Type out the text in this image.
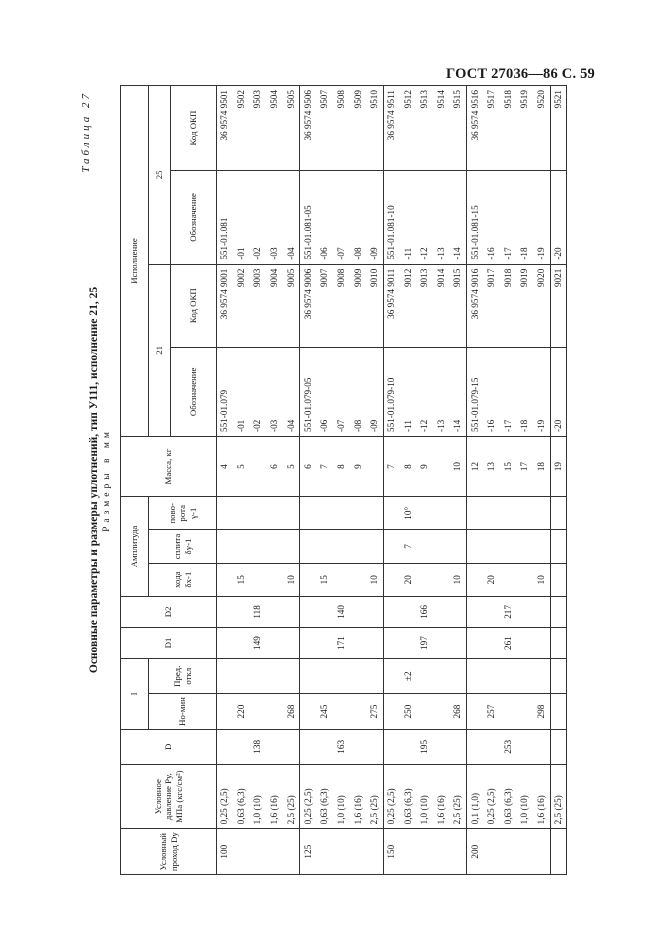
ГОСТ 27036—86 С. 59
Таблица 27
Основные параметры и размеры уплотнений, тип У111, исполнение 21, 25 Размеры в мм
Условный проход Dу	Условное давление Pу, МПа (кгс/см²)	D	l		D1	D2	Амплитуда			Масса, кг	Исполнение			
			Но-мин	Пред. откл			хода δx-1	сплита δy-1	пово-рота γ-1		21		25	
											Обозначение	Код ОКП	Обозначение	Код ОКП
100	0,25 (2,5)									4	551-01.079	36 9574 9001	551-01.081	36 9574 9501
	0,63 (6,3)		220				15			5	-01	9002	-01	9502
	1,0 (10)	138			149	118					-02	9003	-02	9503
	1,6 (16)									6	-03	9004	-03	9504
	2,5 (25)		268				10			5	-04	9005	-04	9505
125	0,25 (2,5)									6	551-01.079-05	36 9574 9006	551-01.081-05	36 9574 9506
	0,63 (6,3)		245				15			7	-06	9007	-06	9507
	1,0 (10)	163			171	140				8	-07	9008	-07	9508
	1,6 (16)									9	-08	9009	-08	9509
	2,5 (25)		275				10				-09	9010	-09	9510
150	0,25 (2,5)									7	551-01.079-10	36 9574 9011	551-01.081-10	36 9574 9511
	0,63 (6,3)		250	±2			20	7	10°	8	-11	9012	-11	9512
	1,0 (10)	195			197	166				9	-12	9013	-12	9513
	1,6 (16)										-13	9014	-13	9514
	2,5 (25)		268				10			10	-14	9015	-14	9515
200	0,1 (1,0)									12	551-01.079-15	36 9574 9016	551-01.081-15	36 9574 9516
	0,25 (2,5)		257				20			13	-16	9017	-16	9517
	0,63 (6,3)	253			261	217				15	-17	9018	-17	9518
	1,0 (10)									17	-18	9019	-18	9519
	1,6 (16)		298				10			18	-19	9020	-19	9520
	2,5 (25)									19	-20	9021	-20	9521
